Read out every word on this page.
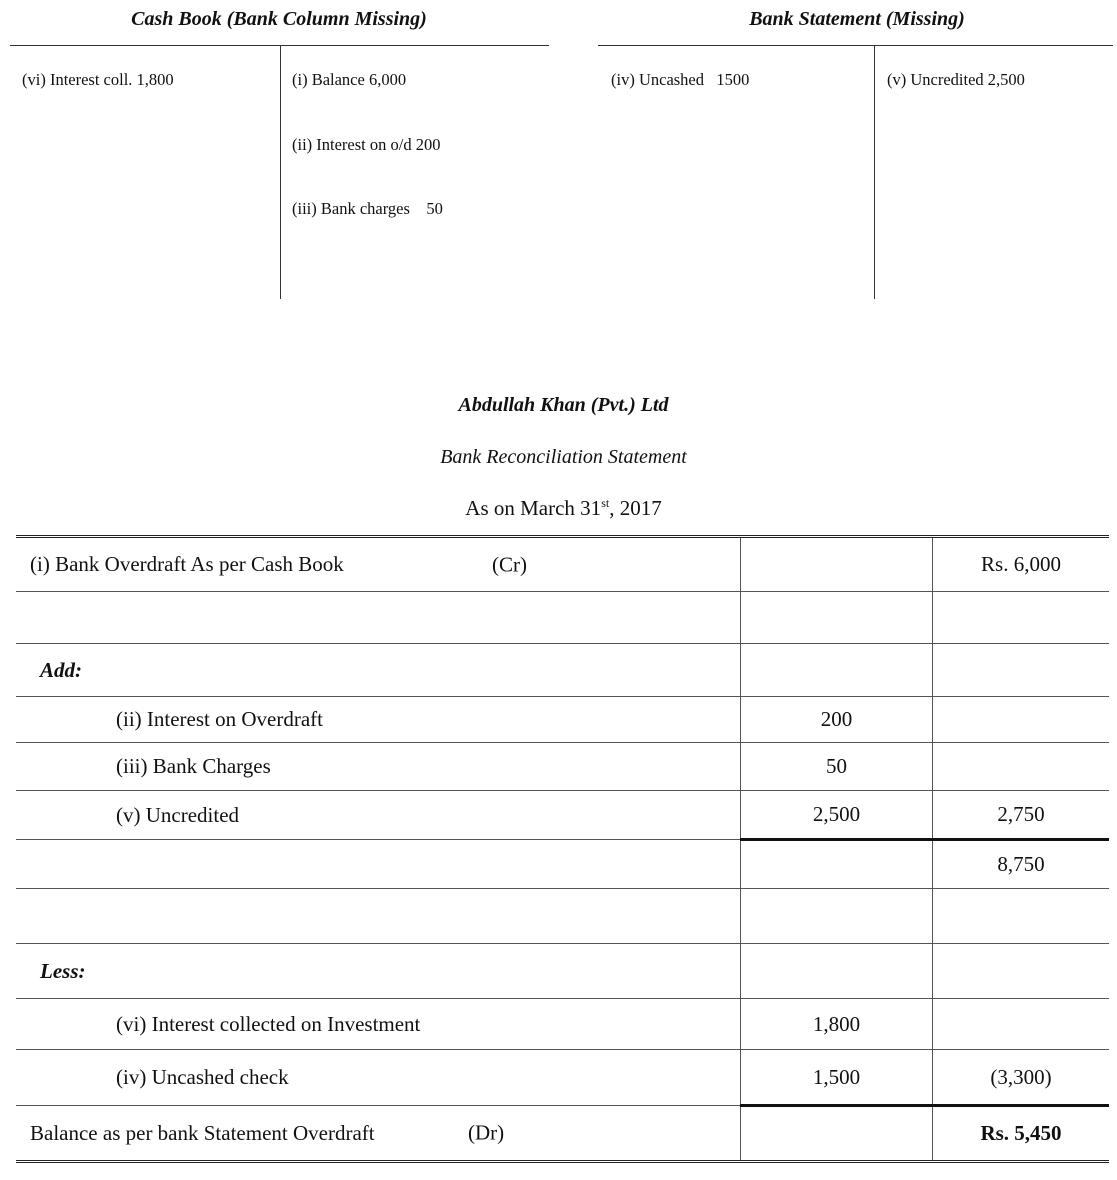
Cash Book (Bank Column Missing)
(vi) Interest coll. 1,800	(i) Balance 6,000
(ii) Interest on o/d 200
(iii) Bank charges    50
Bank Statement (Missing)
(iv) Uncashed   1500	(v) Uncredited 2,500
Abdullah Khan (Pvt.) Ltd
Bank Reconciliation Statement
As on March 31st, 2017
(i) Bank Overdraft As per Cash Book (Cr)		Rs. 6,000

Add:		
(ii) Interest on Overdraft	200	
(iii) Bank Charges	50	
(v) Uncredited	2,500	2,750
		8,750

Less:		
(vi) Interest collected on Investment	1,800	
(iv) Uncashed check	1,500	(3,300)
Balance as per bank Statement Overdraft (Dr)		Rs. 5,450
